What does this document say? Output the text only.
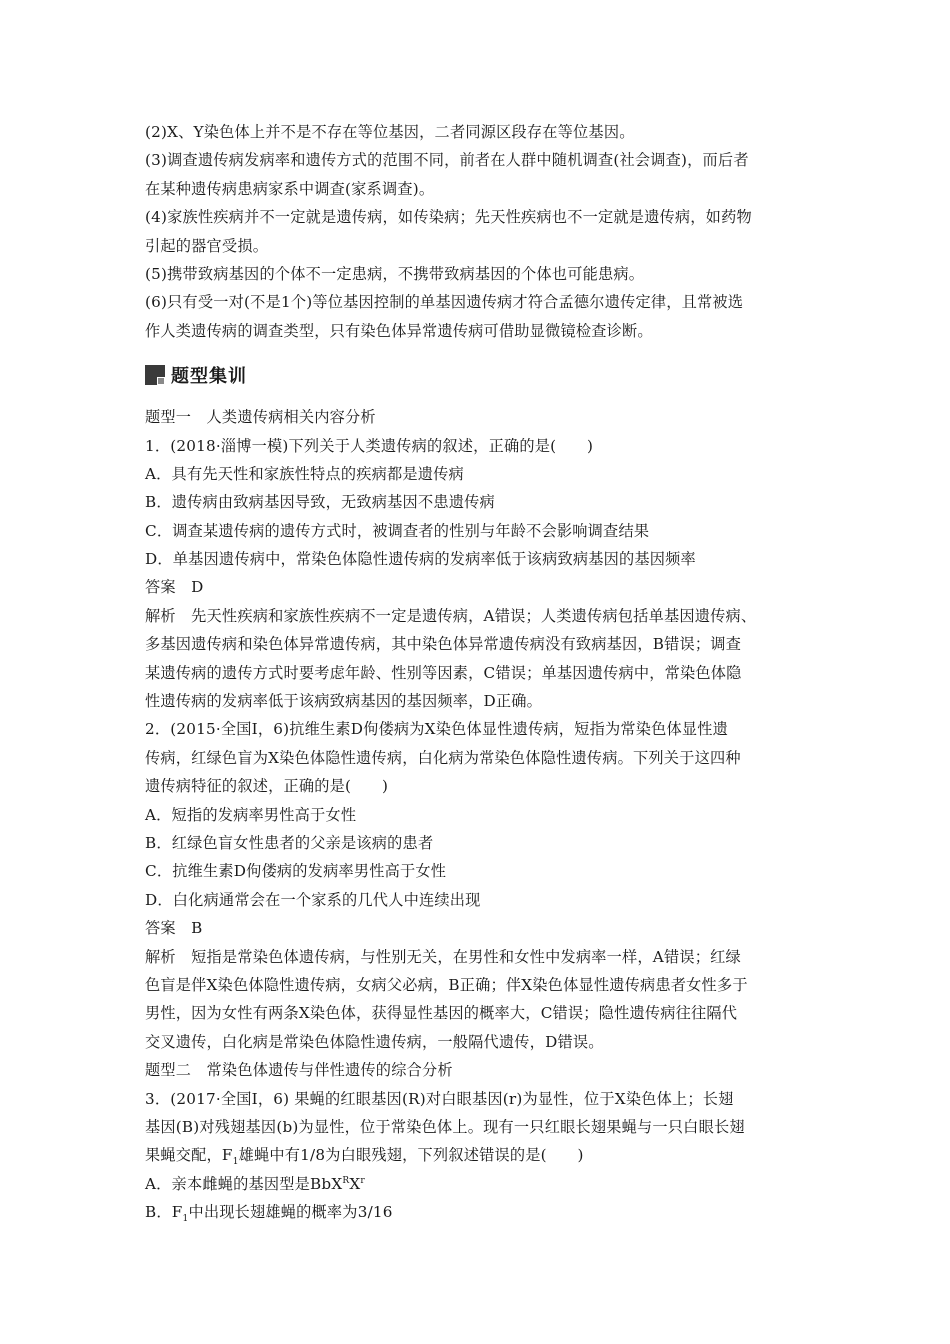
(2)X、Y染色体上并不是不存在等位基因，二者同源区段存在等位基因。
(3)调查遗传病发病率和遗传方式的范围不同，前者在人群中随机调查(社会调查)，而后者
在某种遗传病患病家系中调查(家系调查)。
(4)家族性疾病并不一定就是遗传病，如传染病；先天性疾病也不一定就是遗传病，如药物
引起的器官受损。
(5)携带致病基因的个体不一定患病，不携带致病基因的个体也可能患病。
(6)只有受一对(不是1个)等位基因控制的单基因遗传病才符合孟德尔遗传定律，且常被选
作人类遗传病的调查类型，只有染色体异常遗传病可借助显微镜检查诊断。
题型集训
题型一　人类遗传病相关内容分析
1．(2018·淄博一模)下列关于人类遗传病的叙述，正确的是(　　)
A．具有先天性和家族性特点的疾病都是遗传病
B．遗传病由致病基因导致，无致病基因不患遗传病
C．调查某遗传病的遗传方式时，被调查者的性别与年龄不会影响调查结果
D．单基因遗传病中，常染色体隐性遗传病的发病率低于该病致病基因的基因频率
答案　D
解析　先天性疾病和家族性疾病不一定是遗传病，A错误；人类遗传病包括单基因遗传病、
多基因遗传病和染色体异常遗传病，其中染色体异常遗传病没有致病基因，B错误；调查
某遗传病的遗传方式时要考虑年龄、性别等因素，C错误；单基因遗传病中，常染色体隐
性遗传病的发病率低于该病致病基因的基因频率，D正确。
2．(2015·全国Ⅰ，6)抗维生素D佝偻病为X染色体显性遗传病，短指为常染色体显性遗
传病，红绿色盲为X染色体隐性遗传病，白化病为常染色体隐性遗传病。下列关于这四种
遗传病特征的叙述，正确的是(　　)
A．短指的发病率男性高于女性
B．红绿色盲女性患者的父亲是该病的患者
C．抗维生素D佝偻病的发病率男性高于女性
D．白化病通常会在一个家系的几代人中连续出现
答案　B
解析　短指是常染色体遗传病，与性别无关，在男性和女性中发病率一样，A错误；红绿
色盲是伴X染色体隐性遗传病，女病父必病，B正确；伴X染色体显性遗传病患者女性多于
男性，因为女性有两条X染色体，获得显性基因的概率大，C错误；隐性遗传病往往隔代
交叉遗传，白化病是常染色体隐性遗传病，一般隔代遗传，D错误。
题型二　常染色体遗传与伴性遗传的综合分析
3．(2017·全国Ⅰ，6) 果蝇的红眼基因(R)对白眼基因(r)为显性，位于X染色体上；长翅
基因(B)对残翅基因(b)为显性，位于常染色体上。现有一只红眼长翅果蝇与一只白眼长翅
果蝇交配，$F_1$雄蝇中有1/8为白眼残翅，下列叙述错误的是(　　)
A．亲本雌蝇的基因型是$BbX^RX^r$
B．$F_1$中出现长翅雄蝇的概率为3/16
